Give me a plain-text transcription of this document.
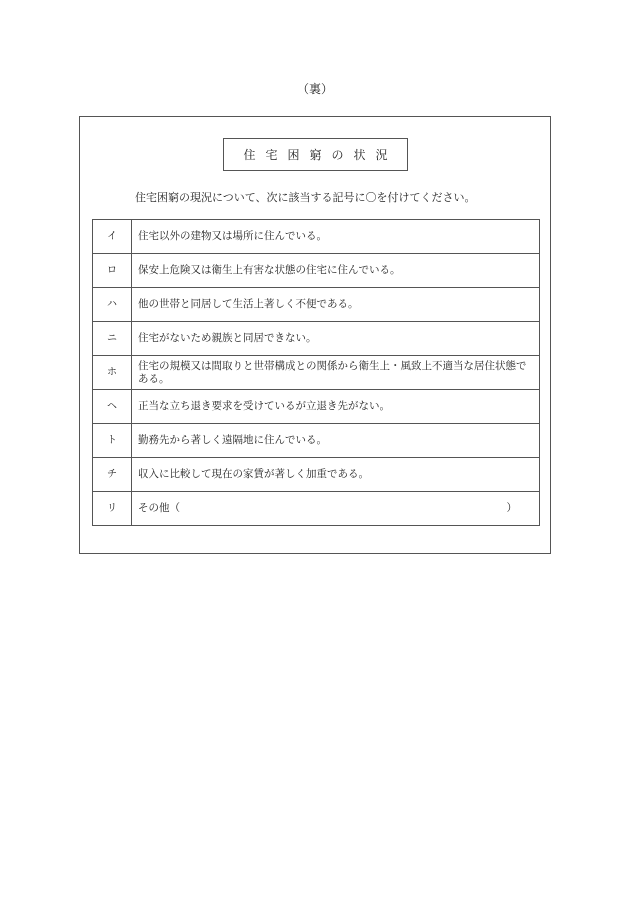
（裏）
住宅困窮の状況
住宅困窮の現況について、次に該当する記号に〇を付けてください。
イ	住宅以外の建物又は場所に住んでいる。
ロ	保安上危険又は衛生上有害な状態の住宅に住んでいる。
ハ	他の世帯と同居して生活上著しく不便である。
ニ	住宅がないため親族と同居できない。
ホ	住宅の規模又は間取りと世帯構成との関係から衛生上・風致上不適当な居住状態である。
ヘ	正当な立ち退き要求を受けているが立退き先がない。
ト	勤務先から著しく遠隔地に住んでいる。
チ	収入に比較して現在の家賃が著しく加重である。
リ	その他（ ）
